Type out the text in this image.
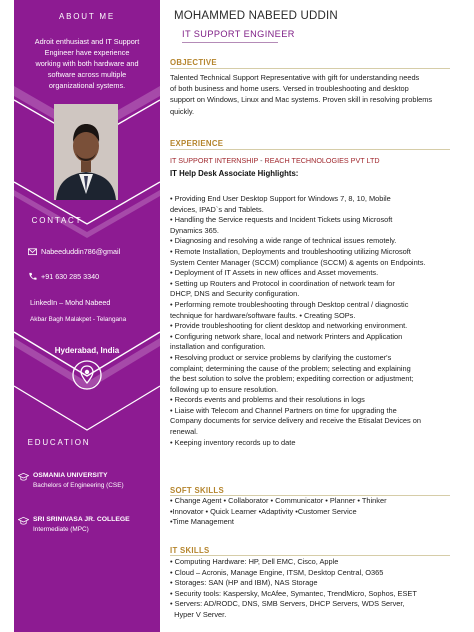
ABOUT ME
Adroit enthusiast and IT Support
Engineer have experience
working with both hardware and
software across multiple
organizational systems.
CONTACT
Nabeeduddin786@gmail
+91 630 285 3340
LinkedIn – Mohd Nabeed
Akbar Bagh Malakpet - Telangana
Hyderabad, India
EDUCATION
OSMANIA UNIVERSITY
Bachelors of Engineering (CSE)
SRI SRINIVASA JR. COLLEGE
Intermediate (MPC)
MOHAMMED NABEED UDDIN
IT SUPPORT ENGINEER
OBJECTIVE
Talented Technical Support Representative with gift for understanding needs
of both business and home users. Versed in troubleshooting and desktop
support on Windows, Linux and Mac systems. Proven skill in resolving problems
quickly.
EXPERIENCE
IT SUPPORT INTERNSHIP - REACH TECHNOLOGIES PVT LTD
IT Help Desk Associate Highlights:
• Providing End User Desktop Support for Windows 7, 8, 10, Mobile
devices, IPAD`s and Tablets.
• Handling the Service requests and Incident Tickets using Microsoft
Dynamics 365.
• Diagnosing and resolving a wide range of technical issues remotely.
• Remote Installation, Deployments and troubleshooting utilizing Microsoft
System Center Manager (SCCM) compliance (SCCM) & agents on Endpoints.
• Deployment of IT Assets in new offices and Asset movements.
• Setting up Routers and Protocol in coordination of network team for
DHCP, DNS and Security configuration.
• Performing remote troubleshooting through Desktop central / diagnostic
technique for hardware/software faults. • Creating SOPs.
• Provide troubleshooting for client desktop and networking environment.
• Configuring network share, local and network Printers and Application
installation and configuration.
• Resolving product or service problems by clarifying the customer's
complaint; determining the cause of the problem; selecting and explaining
the best solution to solve the problem; expediting correction or adjustment;
following up to ensure resolution.
• Records events and problems and their resolutions in logs
• Liaise with Telecom and Channel Partners on time for upgrading the
Company documents for service delivery and receive the Etisalat Devices on
renewal.
• Keeping inventory records up to date
SOFT SKILLS
• Change Agent • Collaborator • Communicator • Planner • Thinker
•Innovator • Quick Learner •Adaptivity •Customer Service
•Time Management
IT SKILLS
• Computing Hardware: HP, Dell EMC, Cisco, Apple
• Cloud – Acronis, Manage Engine, ITSM, Desktop Central, O365
• Storages: SAN (HP and IBM), NAS Storage
• Security tools: Kaspersky, McAfee, Symantec, TrendMicro, Sophos, ESET
• Servers: AD/RODC, DNS, SMB Servers, DHCP Servers, WDS Server,
Hyper V Server.
